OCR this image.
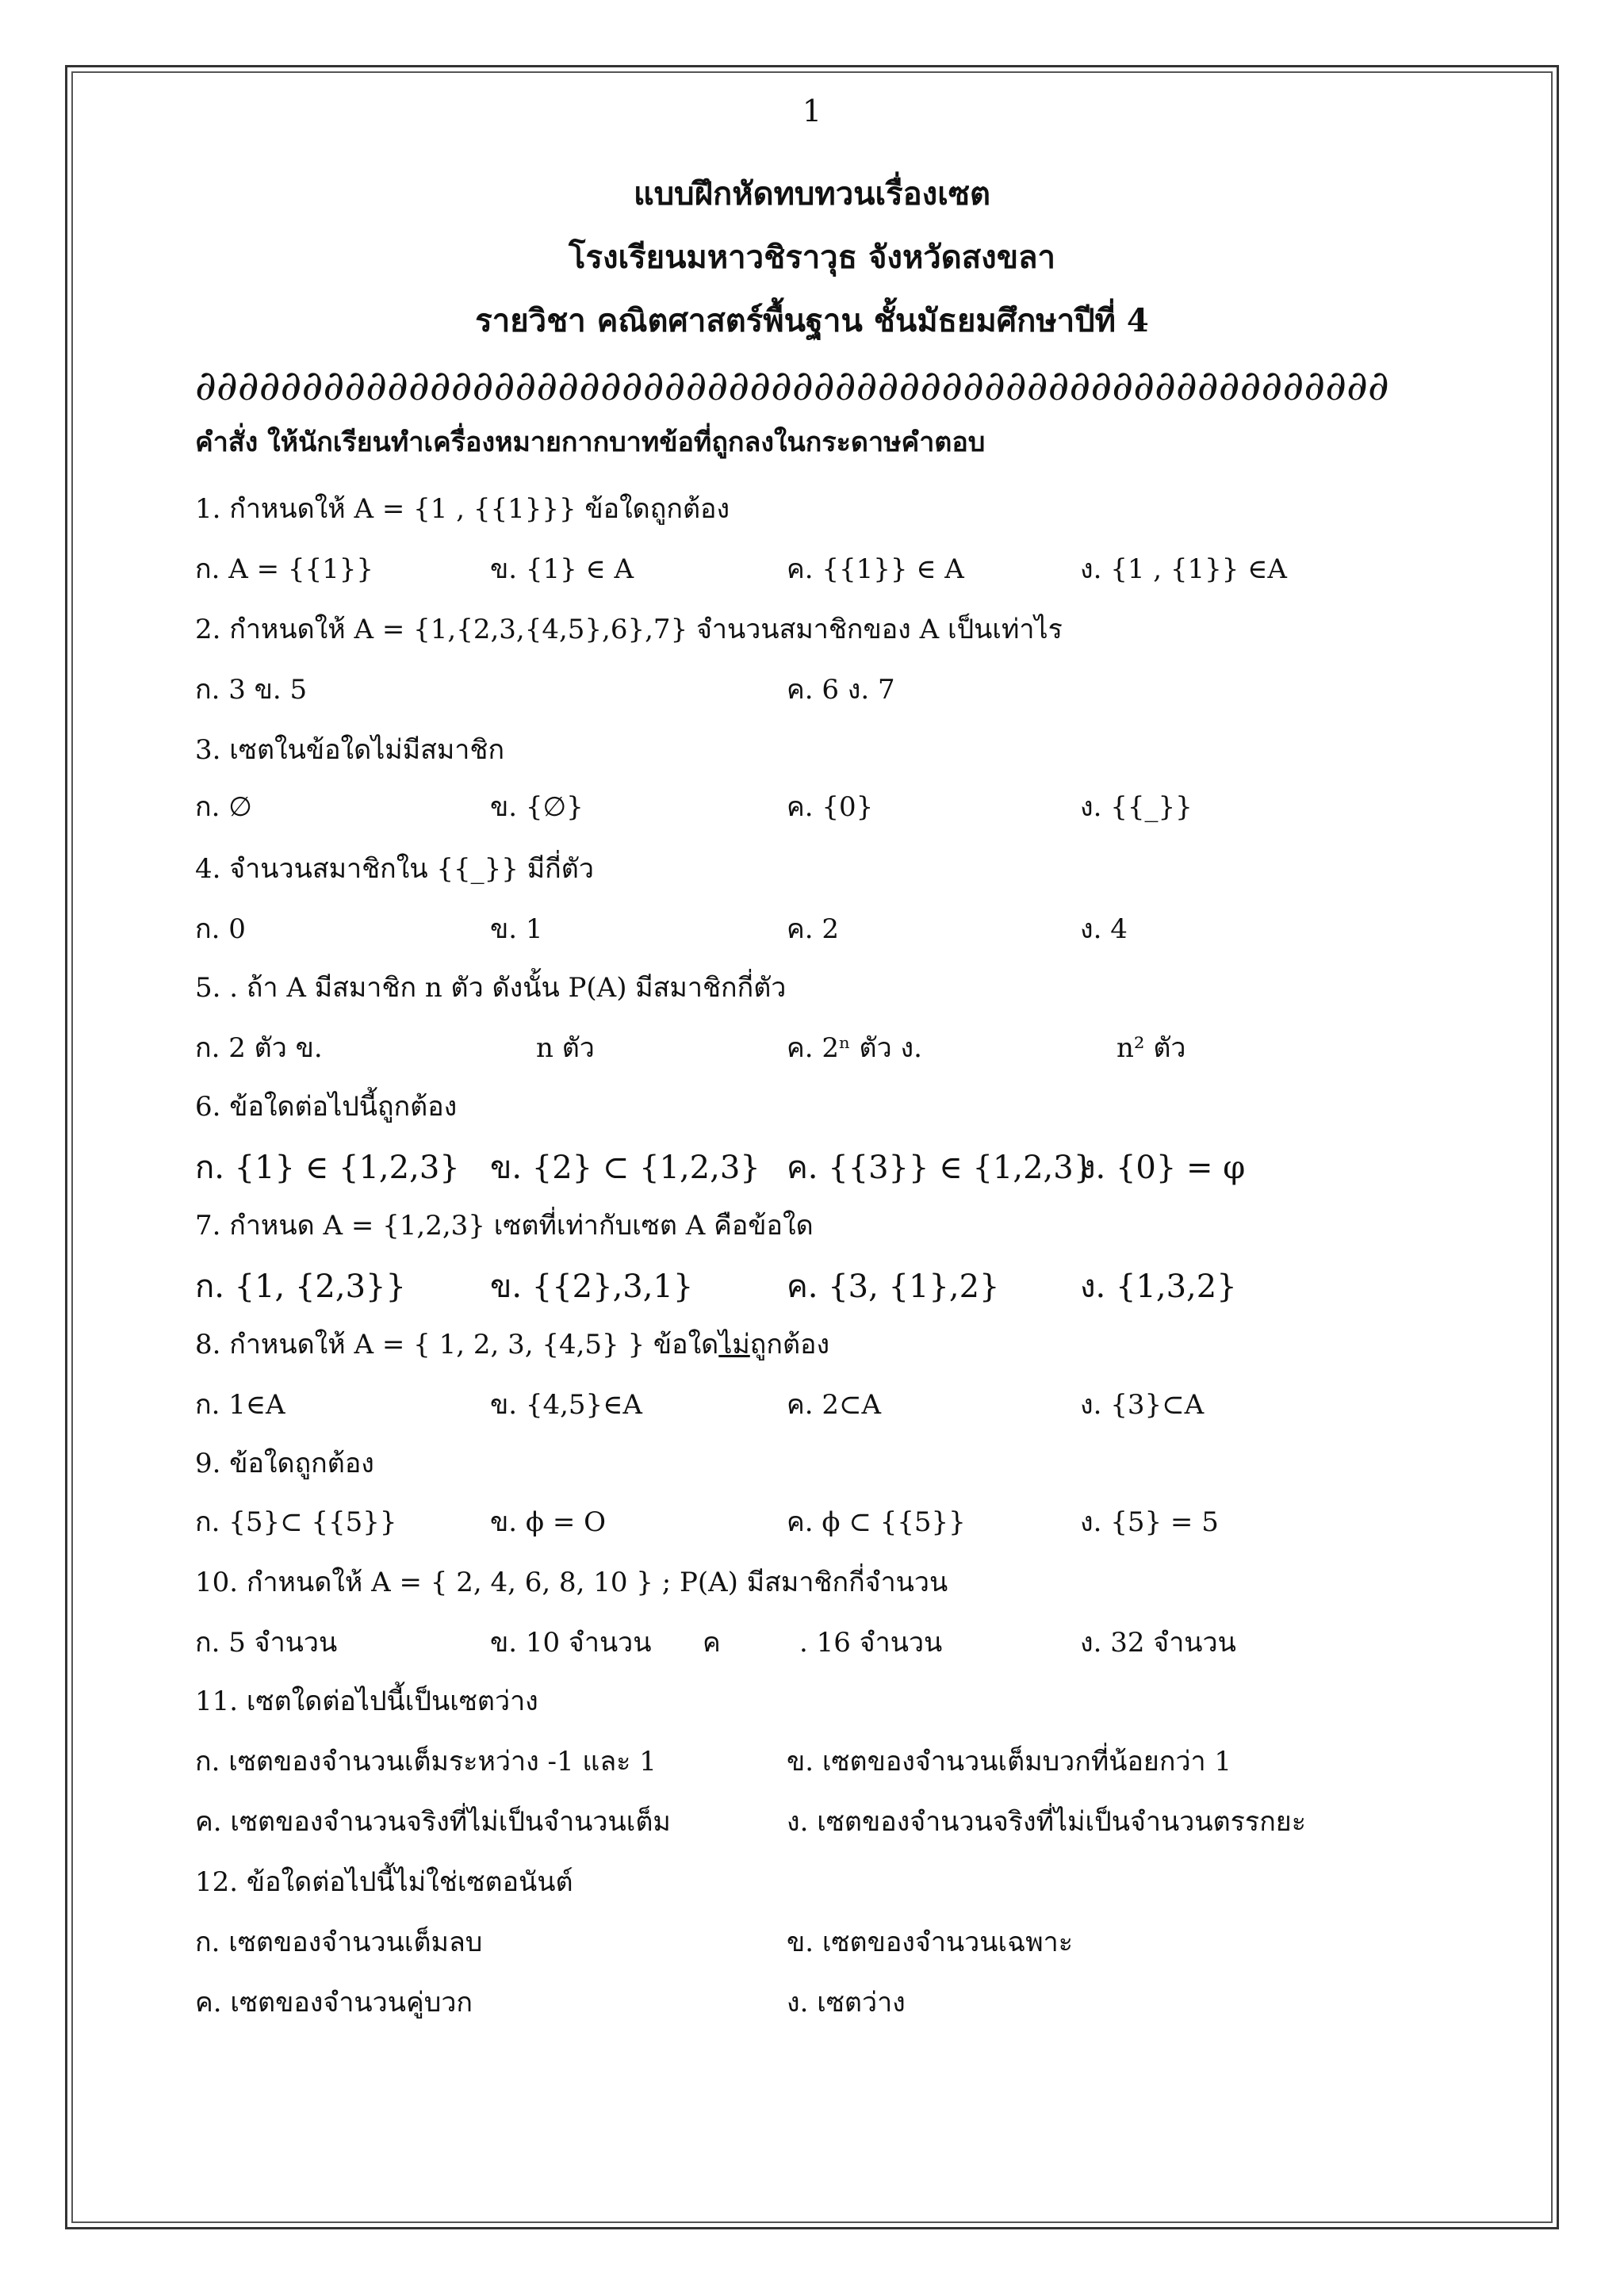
1
แบบฝึกหัดทบทวนเรื่องเซต
โรงเรียนมหาวชิราวุธ จังหวัดสงขลา
รายวิชา คณิตศาสตร์พื้นฐาน ชั้นมัธยมศึกษาปีที่ 4
∂∂∂∂∂∂∂∂∂∂∂∂∂∂∂∂∂∂∂∂∂∂∂∂∂∂∂∂∂∂∂∂∂∂∂∂∂∂∂∂∂∂∂∂∂∂∂∂∂∂∂∂∂∂∂∂
คำสั่ง ให้นักเรียนทำเครื่องหมายกากบาทข้อที่ถูกลงในกระดาษคำตอบ
1. กำหนดให้ A = {1 , {{1}}} ข้อใดถูกต้อง
ก. A = {{1}}	ข. {1} ∈ A	ค. {{1}} ∈ A	ง. {1 , {1}} ∈A
2. กำหนดให้ A = {1,{2,3,{4,5},6},7} จำนวนสมาชิกของ A เป็นเท่าไร
ก. 3 ข. 5	ค. 6 ง. 7
3. เซตในข้อใดไม่มีสมาชิก
ก. ∅	ข. {∅}	ค. {0}	ง. {{_}}
4. จำนวนสมาชิกใน {{_}} มีกี่ตัว
ก. 0	ข. 1	ค. 2	ง. 4
5. . ถ้า A มีสมาชิก n ตัว ดังนั้น P(A) มีสมาชิกกี่ตัว
ก. 2 ตัว ข.	n ตัว	ค. 2ⁿ ตัว ง.	n² ตัว
6. ข้อใดต่อไปนี้ถูกต้อง
ก. {1} ∈ {1,2,3} ข. {2} ⊂ {1,2,3} ค. {{3}} ∈ {1,2,3}
ง. {0} = φ
7. กำหนด A = {1,2,3} เซตที่เท่ากับเซต A คือข้อใด
ก. {1, {2,3}}	ข. {{2},3,1}	ค. {3, {1},2}	ง. {1,3,2}
8. กำหนดให้ A = { 1, 2, 3, {4,5} } ข้อใดไม่ถูกต้อง
ก. 1∈A	ข. {4,5}∈A	ค. 2⊂A	ง. {3}⊂A
9. ข้อใดถูกต้อง
ก. {5}⊂ {{5}}	ข. ϕ = O	ค. ϕ ⊂ {{5}}	ง. {5} = 5
10. กำหนดให้ A = { 2, 4, 6, 8, 10 } ; P(A) มีสมาชิกกี่จำนวน
ก. 5 จำนวน	ข. 10 จำนวน ค	. 16 จำนวน	ง. 32 จำนวน
11. เซตใดต่อไปนี้เป็นเซตว่าง
ก. เซตของจำนวนเต็มระหว่าง -1 และ 1	ข. เซตของจำนวนเต็มบวกที่น้อยกว่า 1
ค. เซตของจำนวนจริงที่ไม่เป็นจำนวนเต็ม	ง. เซตของจำนวนจริงที่ไม่เป็นจำนวนตรรกยะ
12. ข้อใดต่อไปนี้ไม่ใช่เซตอนันต์
ก. เซตของจำนวนเต็มลบ	ข. เซตของจำนวนเฉพาะ
ค. เซตของจำนวนคู่บวก	ง. เซตว่าง
